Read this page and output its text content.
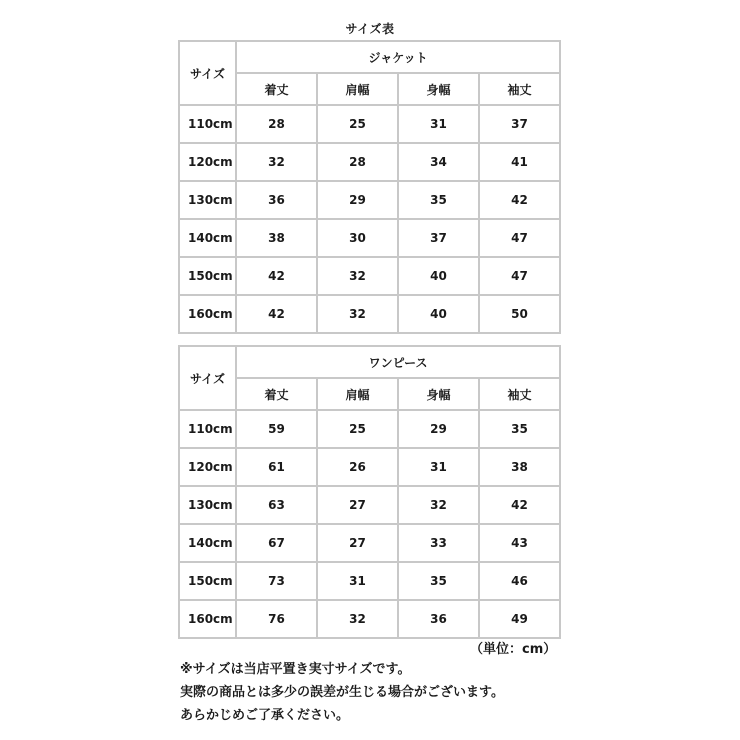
サイズ表
サイズ	ジャケット			
	着丈	肩幅	身幅	袖丈
110cm	28	25	31	37
120cm	32	28	34	41
130cm	36	29	35	42
140cm	38	30	37	47
150cm	42	32	40	47
160cm	42	32	40	50
サイズ	ワンピース			
	着丈	肩幅	身幅	袖丈
110cm	59	25	29	35
120cm	61	26	31	38
130cm	63	27	32	42
140cm	67	27	33	43
150cm	73	31	35	46
160cm	76	32	36	49
（単位：cm）
※サイズは当店平置き実寸サイズです。
実際の商品とは多少の誤差が生じる場合がございます。
あらかじめご了承ください。
